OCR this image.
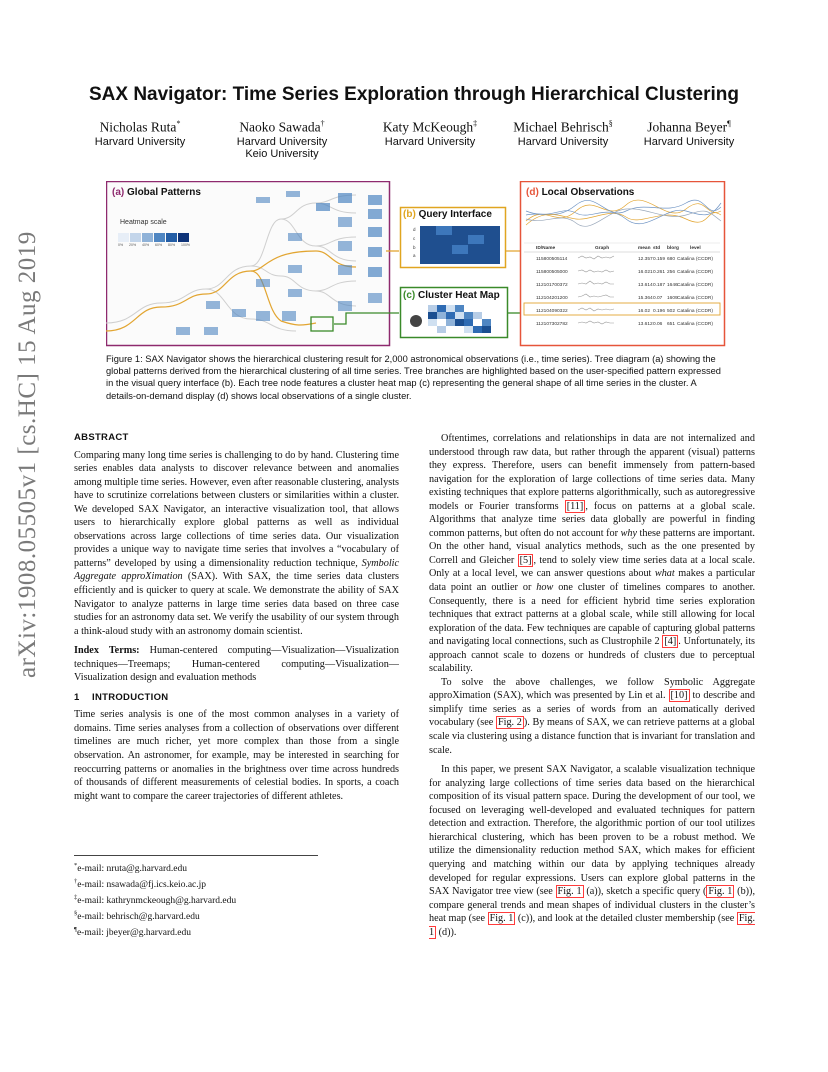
arXiv:1908.05505v1 [cs.HC] 15 Aug 2019
SAX Navigator: Time Series Exploration through Hierarchical Clustering
Nicholas Ruta*
Harvard University
Naoko Sawada†
Harvard University
Keio University
Katy McKeough‡
Harvard University
Michael Behrisch§
Harvard University
Johanna Beyer¶
Harvard University
ID/Name	Graph	mean std blorg level
115800505114	12.357 0.159 680 Catalina (CCDR)
115800505000	16.021 0.261 256 Catalina (CCDR)
112101700372	13.614 0.187 1646 Catalina (CCDR)
112104201200	15.364 0.07 1609 Catalina (CCDR)
112104090322	16.02 0.196 502 Catalina (CCDR)
112107302782	13.612 0.06 651 Catalina (CCDR)
(a) Global Patterns
Heatmap scale
0% 20% 40% 60% 80% 100%
(b) Query Interface
d
c
b
a
(c) Cluster Heat Map
(d) Local Observations
Figure 1: SAX Navigator shows the hierarchical clustering result for 2,000 astronomical observations (i.e., time series). Tree diagram (a) showing the global patterns derived from the hierarchical clustering of all time series. Tree branches are highlighted based on the user-specified pattern expressed in the visual query interface (b). Each tree node features a cluster heat map (c) representing the general shape of all time series in the cluster. A details-on-demand display (d) shows local observations of a single cluster.
ABSTRACT

Comparing many long time series is challenging to do by hand. Clustering time series enables data analysts to discover relevance between and anomalies among multiple time series. However, even after reasonable clustering, analysts have to scrutinize correlations between clusters or similarities within a cluster. We developed SAX Navigator, an interactive visualization tool, that allows users to hierarchically explore global patterns as well as individual observations across large collections of time series data. Our visualization provides a unique way to navigate time series that involves a “vocabulary of patterns” developed by using a dimensionality reduction technique, Symbolic Aggregate approXimation (SAX). With SAX, the time series data clusters efficiently and is quicker to query at scale. We demonstrate the ability of SAX Navigator to analyze patterns in large time series data based on three case studies for an astronomy data set. We verify the usability of our system through a think-aloud study with an astronomy domain scientist.

Index Terms: Human-centered computing—Visualization—Visualization techniques—Treemaps; Human-centered computing—Visualization—Visualization design and evaluation methods

1 INTRODUCTION

Time series analysis is one of the most common analyses in a variety of domains. Time series analyses from a collection of observations over different timelines are much richer, yet more complex than those from a single observation. An astronomer, for example, may be interested in searching for reoccurring patterns or anomalies in the brightness over time across hundreds of thousands of different measurements of celestial bodies. In sports, a coach might want to compare the career trajectories of different athletes.

*e-mail: nruta@g.harvard.edu
†e-mail: nsawada@fj.ics.keio.ac.jp
‡e-mail: kathrynmckeough@g.harvard.edu
§e-mail: behrisch@g.harvard.edu
¶e-mail: jbeyer@g.harvard.edu

Oftentimes, correlations and relationships in data are not internalized and understood through raw data, but rather through the apparent (visual) patterns they express. Therefore, users can benefit immensely from pattern-based navigation for the exploration of large collections of time series data. Many existing techniques that explore patterns algorithmically, such as autoregressive models or Fourier transforms [11] , focus on patterns at a global scale. Algorithms that analyze time series data globally are powerful in finding common patterns, but often do not account for why these patterns are important. On the other hand, visual analytics methods, such as the one presented by Correll and Gleicher [5] , tend to solely view time series data at a local scale. Only at a local level, we can answer questions about what makes a particular data point an outlier or how one cluster of timelines compares to another. Consequently, there is a need for efficient hybrid time series exploration techniques that extract patterns at a global scale, while still allowing for local exploration of the data. Few techniques are capable of capturing global patterns and navigating local connections, such as Clustrophile 2 [4] . Unfortunately, its approach cannot scale to dozens or hundreds of clusters due to perceptual scalability.

To solve the above challenges, we follow Symbolic Aggregate approXimation (SAX), which was presented by Lin et al. [10] to describe and simplify time series as a series of words from an automatically derived vocabulary (see Fig. 2 ). By means of SAX, we can retrieve patterns at a global scale via clustering using a distance function that is invariant for translation and scale.

In this paper, we present SAX Navigator, a scalable visualization technique for analyzing large collections of time series data based on the hierarchical composition of its visual pattern space. During the development of our tool, we focused on leveraging well-developed and evaluated techniques for pattern detection and extraction. Therefore, the algorithmic portion of our tool utilizes hierarchical clustering, which has been proven to be a robust method. We utilize the dimensionality reduction method SAX, which makes for efficient querying and matching within our data by applying techniques already developed for regular expressions. Users can explore global patterns in the SAX Navigator tree view (see Fig. 1 (a)), sketch a specific query ( Fig. 1 (b)), compare general trends and mean shapes of individual clusters in the cluster’s heat map (see Fig. 1 (c)), and look at the detailed cluster membership (see Fig. 1 (d)).
